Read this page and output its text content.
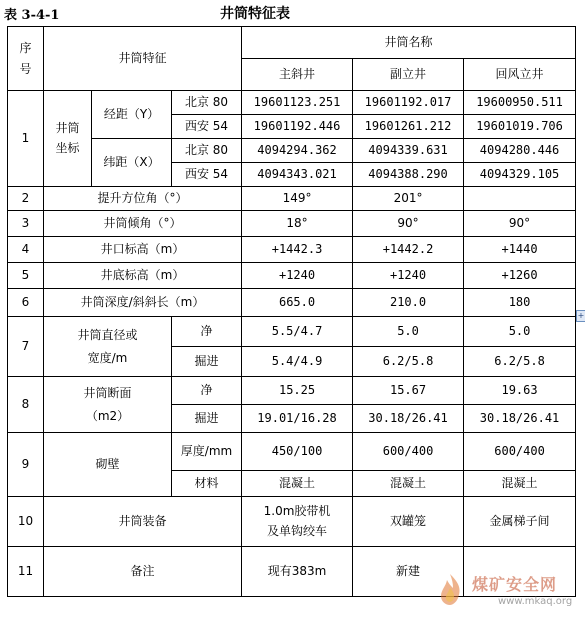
表 3-4-1	井筒特征表
序号	井筒特征			井筒名称		
				主斜井	副立井	回风立井
1	井筒坐标	经距（Y）	北京 80	19601123.251	19601192.017	19600950.511
			西安 54	19601192.446	19601261.212	19601019.706
		纬距（X）	北京 80	4094294.362	4094339.631	4094280.446
			西安 54	4094343.021	4094388.290	4094329.105
2	提升方位角（°）			149°	201°	
3	井筒倾角（°）			18°	90°	90°
4	井口标高（m）			+1442.3	+1442.2	+1440
5	井底标高（m）			+1240	+1240	+1260
6	井筒深度/斜斜长（m）			665.0	210.0	180
7	井筒直径或
宽度/m		净	5.5/4.7	5.0	5.0
			掘进	5.4/4.9	6.2/5.8	6.2/5.8
8	井筒断面
（m2）		净	15.25	15.67	19.63
			掘进	19.01/16.28	30.18/26.41	30.18/26.41
9	砌壁		厚度/mm	450/100	600/400	600/400
			材料	混凝土	混凝土	混凝土
10	井筒装备			1.0m胶带机
及单钩绞车	双罐笼	金属梯子间
11	备注			现有383m	新建	
+
煤矿安全网
www.mkaq.org
